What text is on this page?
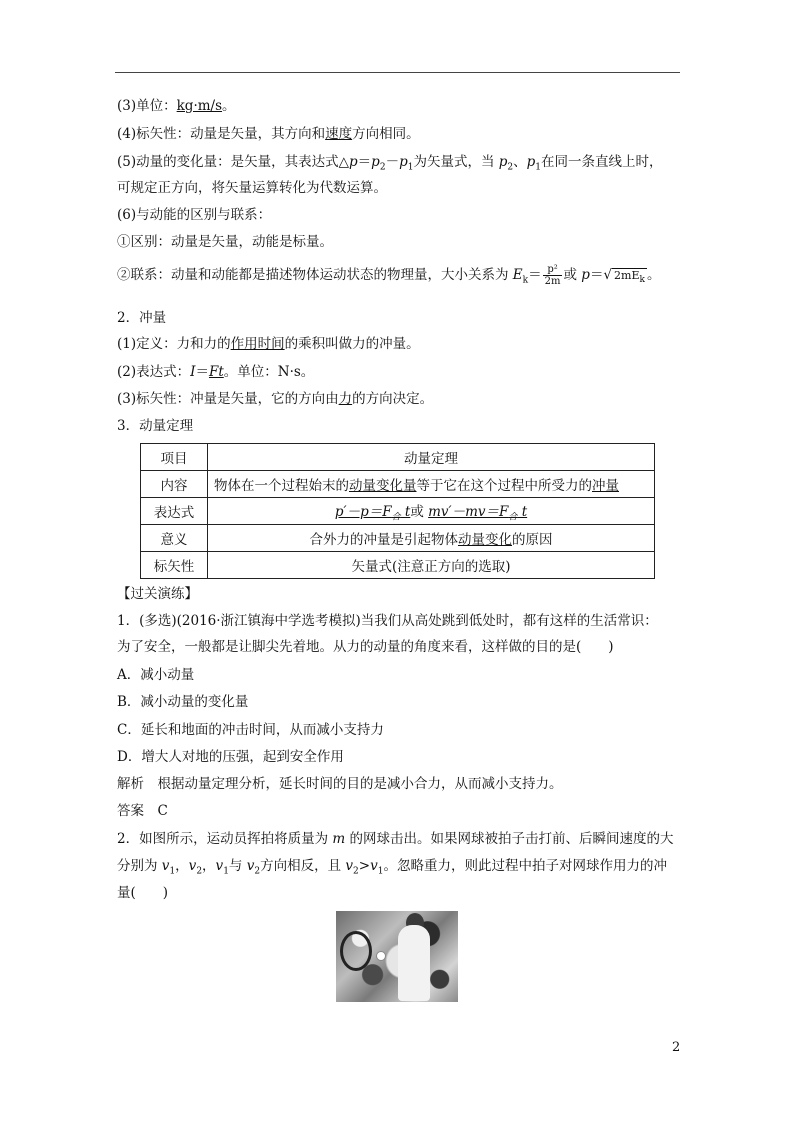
(3)单位：kg·m/s。
(4)标矢性：动量是矢量，其方向和速度方向相同。
(5)动量的变化量：是矢量，其表达式$\triangle p=p_2-p_1$为矢量式，当 $p_2$、$p_1$在同一条直线上时，
可规定正方向，将矢量运算转化为代数运算。
(6)与动能的区别与联系：
①区别：动量是矢量，动能是标量。
②联系：动量和动能都是描述物体运动状态的物理量，大小关系为 $E_k= \frac{\text{p²}}{2m}$ 或 p＝√ $2mE_k$ 。
2．冲量
(1)定义：力和力的作用时间的乘积叫做力的冲量。
(2)表达式：I＝Ft。单位：N·s。
(3)标矢性：冲量是矢量，它的方向由力的方向决定。
3．动量定理
项目	动量定理
内容	物体在一个过程始末的动量变化量等于它在这个过程中所受力的冲量
表达式	$p'-p=F_合$ t或 $mv'-mv=F_合$ t
意义	合外力的冲量是引起物体动量变化的原因
标矢性	矢量式(注意正方向的选取)
【过关演练】
1．(多选)(2016·浙江镇海中学选考模拟)当我们从高处跳到低处时，都有这样的生活常识：
为了安全，一般都是让脚尖先着地。从力的动量的角度来看，这样做的目的是(　　)
A．减小动量
B．减小动量的变化量
C．延长和地面的冲击时间，从而减小支持力
D．增大人对地的压强，起到安全作用
解析　根据动量定理分析，延长时间的目的是减小合力，从而减小支持力。
答案　C
2．如图所示，运动员挥拍将质量为 m 的网球击出。如果网球被拍子击打前、后瞬间速度的大
分别为 $v_1$，$v_2$，$v_1$与 $v_2$方向相反，且 $v_2>v_1$。忽略重力，则此过程中拍子对网球作用力的冲
量(　　)
2
